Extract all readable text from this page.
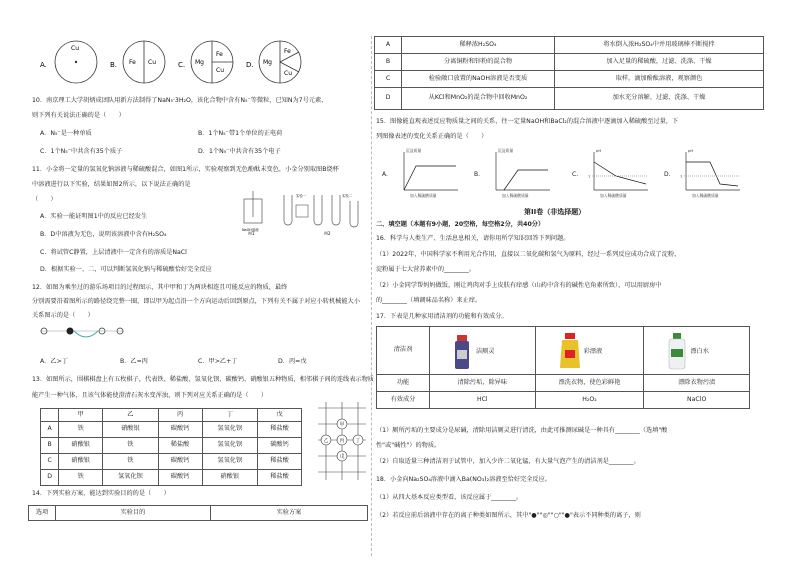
A.
Cu
B. Fe Cu	C. Mg
Fe
Cu
D. Mg
Fe
Cu
10．南京理工大学胡炳成团队用新方法制得了NaN₅·3H₂O，该化合物中含有N₅⁻等微粒，已知N为7号元素，
则下列有关说法正确的是（　　）
A．N₅⁻是一种单质	B．1个N₅⁻带1个单位的正电荷
C．1个N₅⁻中共含有35个质子	D．1个N₅⁻中共含有35个电子
11．小金将一定量的氢氧化钠溶液与稀硫酸混合，如图1所示，实验观察到无色酚酞未变色，小金分别取图B烧杯
中溶液进行以下实验，结果如图2所示，以下说法正确的是
（　　）
A．实验一能证明图1中的反应已经发生
B．D中溶液为无色，说明该溶液中含有H₂SO₄
C．将试管C静置，上层清液中一定含有的溶质是NaCl
D．根据实验一、二，可以判断氢氧化钠与稀硫酸恰好完全反应
NaOH溶液
实验一	实验二
图1	图2
12．如图为乘坐过的游乐场项目的过程图示，其中甲和丁为两块相连且可能反应的物质，最终
分别需要沿着图所示的路径绕完整一圈，即以甲为起点沿一个方向运动后回到原点，下列有关不属于对应小转机械能大小
关系图示的是（　　）
A．乙>丁	B．乙=丙	C．甲>乙+丁	D．丙=戊
13．如图所示，围棋棋盘上有五枚棋子，代表铁、稀盐酸、氢氧化钡、碳酸钙、硝酸银五种物质，相邻棋子间的连线表示物质
能产生一种气体，且该气体能使澄清石灰水变浑浊，则下列对应关系正确的是（　　）
	甲	乙	丙	丁	戊
A	铁	硝酸银	碳酸钙	氢氧化钡	稀盐酸
B	硝酸银	铁	稀盐酸	氢氧化钡	碳酸钙
C	硝酸银	铁	碳酸钙	氢氧化钡	稀盐酸
D	铁	氢氧化钡	碳酸钙	硝酸银	稀盐酸
甲
乙 丙 丁
戊
14．下列实验方案，能达到实验目的的是（　　）
选项	实验目的	实验方案
A	稀释浓H₂SO₄	将水倒入浓H₂SO₄中并用玻璃棒不断搅拌
B	分离铜粉和锌粉的混合物	加入足量的稀硫酸，过滤、洗涤、干燥
C	检验敞口放置的NaOH溶液是否变质	取样，滴加酚酞溶液，观察颜色
D	从KCl和MnO₂的混合物中回收MnO₂	加水充分溶解、过滤、洗涤、干燥
15．图像能直观表述反应物质量之间的关系，往一定量NaOH和BaCl₂的混合溶液中逐滴加入稀硫酸至过量，下
列图像表述的变化关系正确的是（　　）
A.	B.	C.	D.
沉淀质量	沉淀质量	pH	pH
加入稀硫酸质量	加入稀硫酸质量	加入稀硫酸质量	加入稀硫酸质量
7	7
第II卷（非选择题）
二、填空题（本题有9小题，20空格，每空格2分，共40分）
16．科学与人类生产、生活息息相关，请你用所学知识回答下列问题。
（1）2022年，中国科学家不利用光合作用，直接以二氧化碳和氢气为原料，经过一系列反应成功合成了淀粉，
淀粉属于七大营养素中的________。
（2）小金同学帮妈妈做饭，刚让鸡肉对手上皮肤有痒感（山药中含有的碱性皂角素所致），可以用厨房中
的________（填调味品名称）来止痒。
17．下表是几种家用清洁剂的功能和有效成分。
清洁剂	洁厕灵	彩漂液	漂白水
功能	清除污垢，除异味	漂洗衣物，使色彩鲜艳	漂除衣物污渍
有效成分	HCl	H₂O₂	NaClO
（1）厕所污垢的主要成分是尿碱，清除用洁厕灵进行清洗，由此可推测尿碱是一种具有________（选填"酸
性"或"碱性"）的物质。
（2）自取适量三种清洁剂于试管中，加入少许二氧化锰，有大量气泡产生的清洁剂是________。
18．小金向Na₂SO₄溶液中滴入Ba(NO₃)₂溶液至恰好完全反应。
（1）从四大基本反应类型看，该反应属于________。
（2）若反应前后溶液中存在的离子种类如图所示，其中"●""◎""○""●"表示不同种类的离子，则
